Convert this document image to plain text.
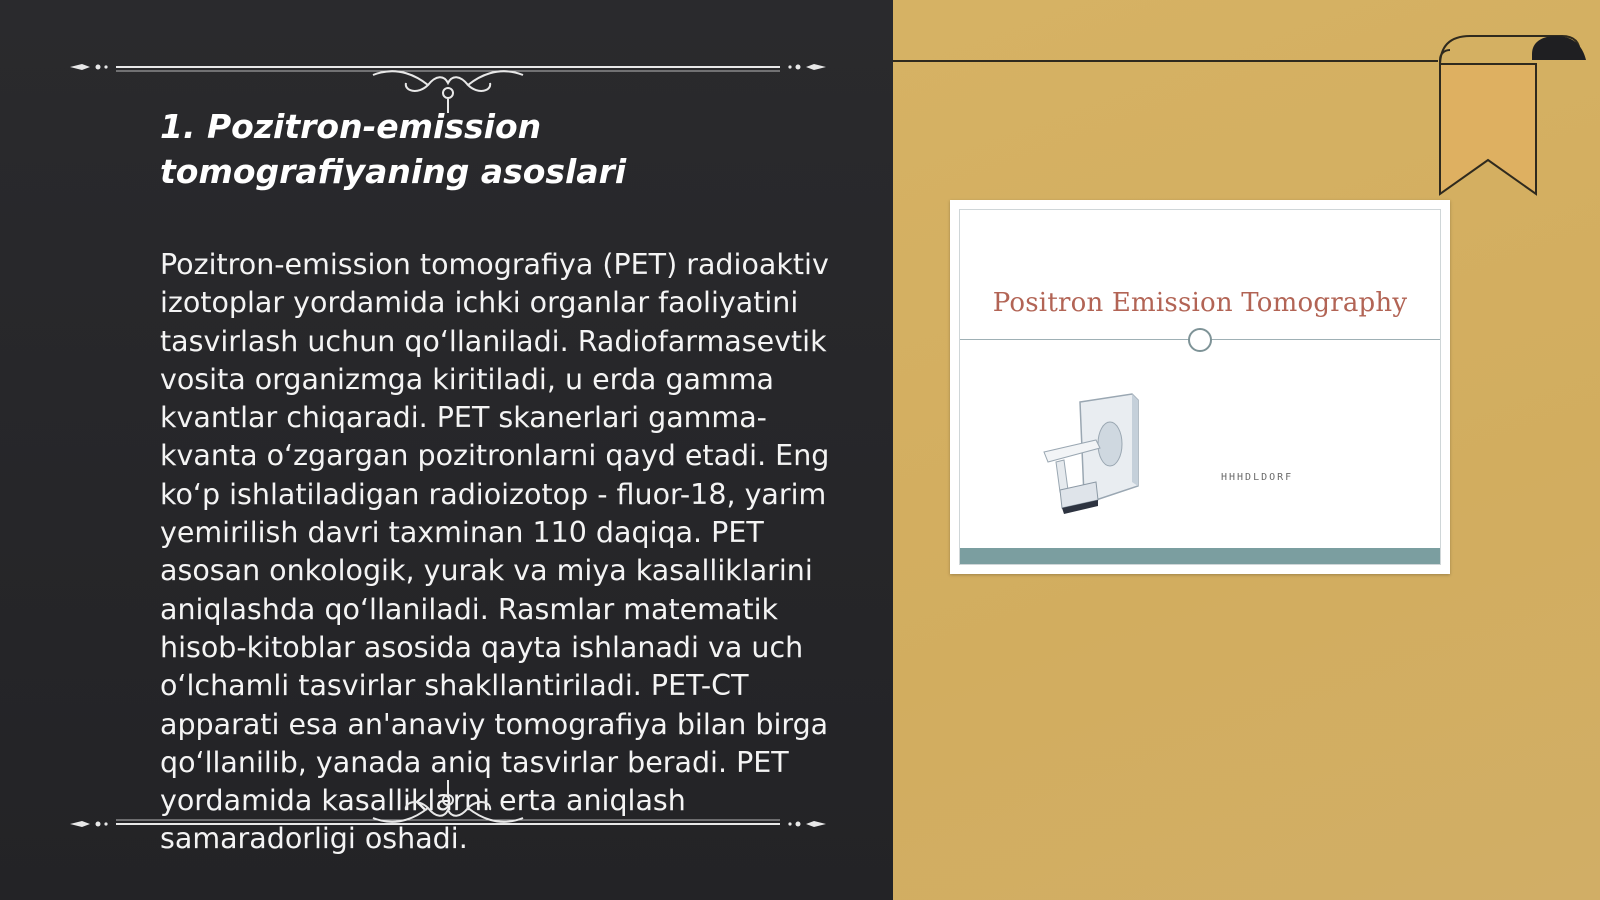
1. Pozitron-emission tomografiyaning asoslari

Pozitron-emission tomografiya (PET) radioaktiv izotoplar yordamida ichki organlar faoliyatini tasvirlash uchun qo‘llaniladi. Radiofarmasevtik vosita organizmga kiritiladi, u erda gamma kvantlar chiqaradi. PET skanerlari gamma-kvanta o‘zgargan pozitronlarni qayd etadi. Eng ko‘p ishlatiladigan radioizotop - fluor-18, yarim yemirilish davri taxminan 110 daqiqa. PET asosan onkologik, yurak va miya kasalliklarini aniqlashda qo‘llaniladi. Rasmlar matematik hisob-kitoblar asosida qayta ishlanadi va uch o‘lchamli tasvirlar shakllantiriladi. PET-CT apparati esa an'anaviy tomografiya bilan birga qo‘llanilib, yanada aniq tasvirlar beradi. PET yordamida kasalliklarni erta aniqlash samaradorligi oshadi.

Positron Emission Tomography
HHHDLDORF
